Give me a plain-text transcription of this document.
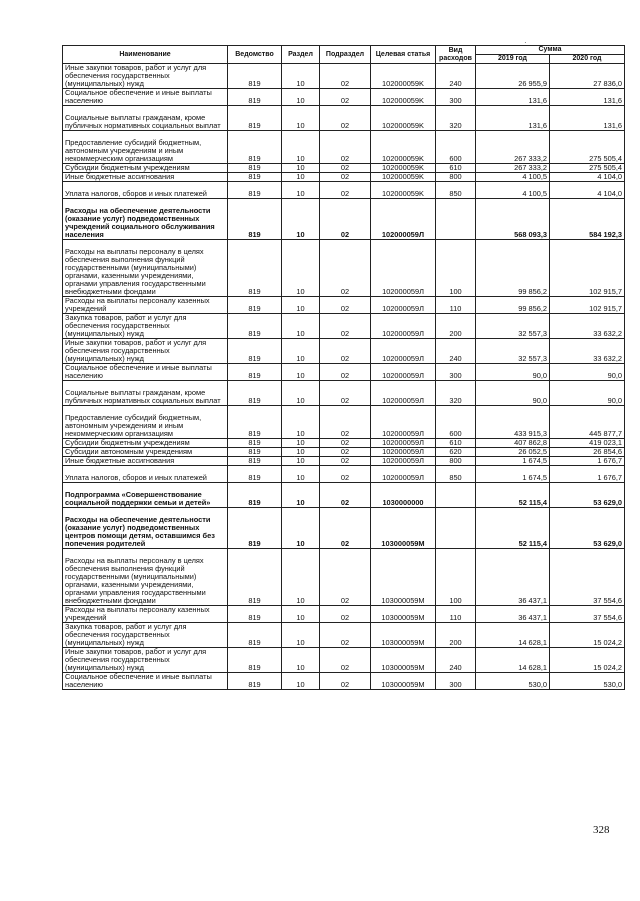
Наименование	Ведомство	Раздел	Подраздел	Целевая статья	Вид расходов	Сумма	
						2019 год	2020 год
Иные закупки товаров, работ и услуг для обеспечения государственных (муниципальных) нужд	819	10	02	102000059K	240	26 955,9	27 836,0
Социальное обеспечение и иные выплаты населению	819	10	02	102000059K	300	131,6	131,6
Социальные выплаты гражданам, кроме публичных нормативных социальных выплат	819	10	02	102000059K	320	131,6	131,6
Предоставление субсидий бюджетным, автономным учреждениям и иным некоммерческим организациям	819	10	02	102000059K	600	267 333,2	275 505,4
Субсидии бюджетным учреждениям	819	10	02	102000059K	610	267 333,2	275 505,4
Иные бюджетные ассигнования	819	10	02	102000059K	800	4 100,5	4 104,0
Уплата налогов, сборов и иных платежей	819	10	02	102000059K	850	4 100,5	4 104,0
Расходы на обеспечение деятельности (оказание услуг) подведомственных учреждений социального обслуживания населения	819	10	02	102000059Л		568 093,3	584 192,3
Расходы на выплаты персоналу в целях обеспечения выполнения функций государственными (муниципальными) органами, казенными учреждениями, органами управления государственными внебюджетными фондами	819	10	02	102000059Л	100	99 856,2	102 915,7
Расходы на выплаты персоналу казенных учреждений	819	10	02	102000059Л	110	99 856,2	102 915,7
Закупка товаров, работ и услуг для обеспечения государственных (муниципальных) нужд	819	10	02	102000059Л	200	32 557,3	33 632,2
Иные закупки товаров, работ и услуг для обеспечения государственных (муниципальных) нужд	819	10	02	102000059Л	240	32 557,3	33 632,2
Социальное обеспечение и иные выплаты населению	819	10	02	102000059Л	300	90,0	90,0
Социальные выплаты гражданам, кроме публичных нормативных социальных выплат	819	10	02	102000059Л	320	90,0	90,0
Предоставление субсидий бюджетным, автономным учреждениям и иным некоммерческим организациям	819	10	02	102000059Л	600	433 915,3	445 877,7
Субсидии бюджетным учреждениям	819	10	02	102000059Л	610	407 862,8	419 023,1
Субсидии автономным учреждениям	819	10	02	102000059Л	620	26 052,5	26 854,6
Иные бюджетные ассигнования	819	10	02	102000059Л	800	1 674,5	1 676,7
Уплата налогов, сборов и иных платежей	819	10	02	102000059Л	850	1 674,5	1 676,7
Подпрограмма «Совершенствование социальной поддержки семьи и детей»	819	10	02	1030000000		52 115,4	53 629,0
Расходы на обеспечение деятельности (оказание услуг) подведомственных центров помощи детям, оставшимся без попечения родителей	819	10	02	103000059M		52 115,4	53 629,0
Расходы на выплаты персоналу в целях обеспечения выполнения функций государственными (муниципальными) органами, казенными учреждениями, органами управления государственными внебюджетными фондами	819	10	02	103000059M	100	36 437,1	37 554,6
Расходы на выплаты персоналу казенных учреждений	819	10	02	103000059M	110	36 437,1	37 554,6
Закупка товаров, работ и услуг для обеспечения государственных (муниципальных) нужд	819	10	02	103000059M	200	14 628,1	15 024,2
Иные закупки товаров, работ и услуг для обеспечения государственных (муниципальных) нужд	819	10	02	103000059M	240	14 628,1	15 024,2
Социальное обеспечение и иные выплаты населению	819	10	02	103000059M	300	530,0	530,0
·
·
328
